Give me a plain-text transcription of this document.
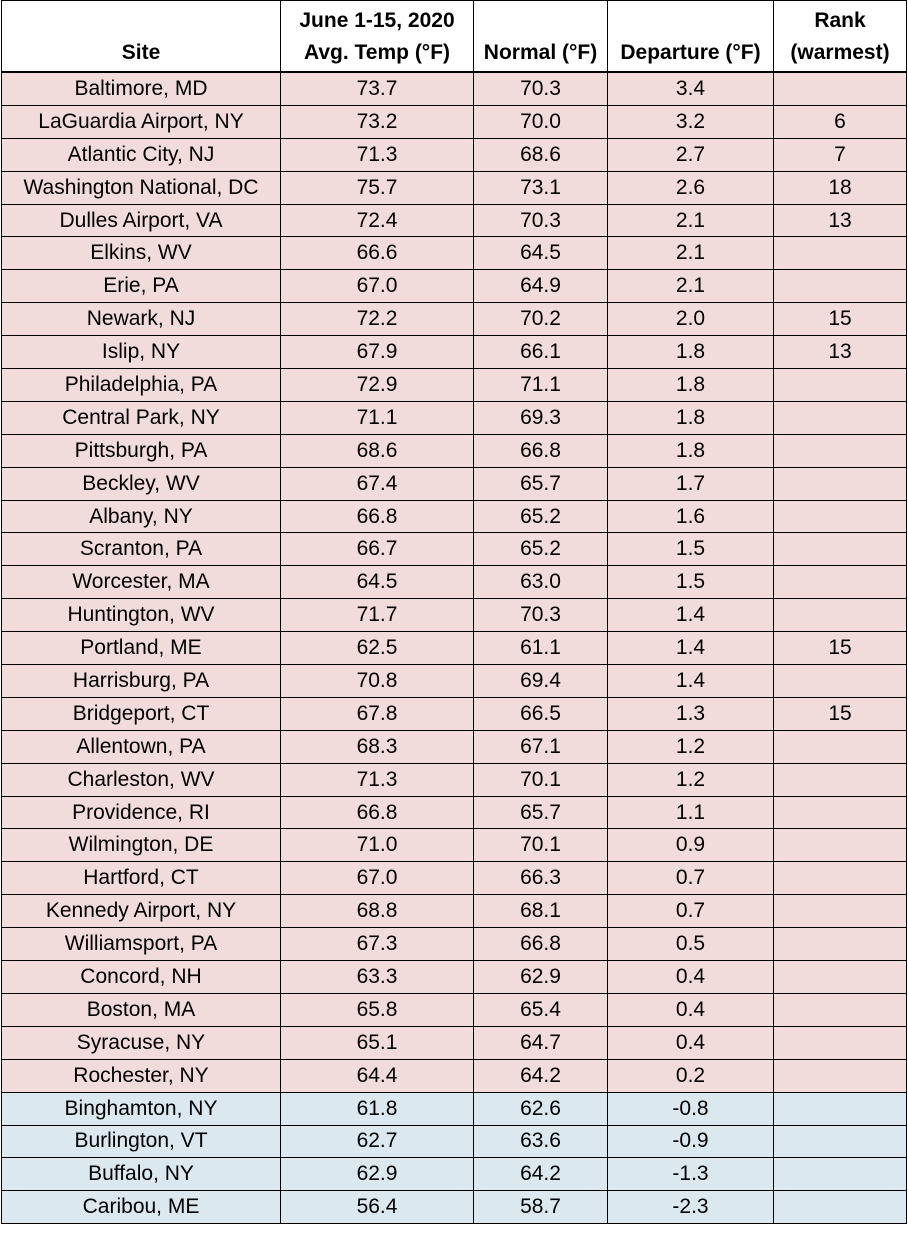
Site	June 1-15, 2020
Avg. Temp (°F)	Normal (°F)	Departure (°F)	Rank
(warmest)
Baltimore, MD	73.7	70.3	3.4	
LaGuardia Airport, NY	73.2	70.0	3.2	6
Atlantic City, NJ	71.3	68.6	2.7	7
Washington National, DC	75.7	73.1	2.6	18
Dulles Airport, VA	72.4	70.3	2.1	13
Elkins, WV	66.6	64.5	2.1	
Erie, PA	67.0	64.9	2.1	
Newark, NJ	72.2	70.2	2.0	15
Islip, NY	67.9	66.1	1.8	13
Philadelphia, PA	72.9	71.1	1.8	
Central Park, NY	71.1	69.3	1.8	
Pittsburgh, PA	68.6	66.8	1.8	
Beckley, WV	67.4	65.7	1.7	
Albany, NY	66.8	65.2	1.6	
Scranton, PA	66.7	65.2	1.5	
Worcester, MA	64.5	63.0	1.5	
Huntington, WV	71.7	70.3	1.4	
Portland, ME	62.5	61.1	1.4	15
Harrisburg, PA	70.8	69.4	1.4	
Bridgeport, CT	67.8	66.5	1.3	15
Allentown, PA	68.3	67.1	1.2	
Charleston, WV	71.3	70.1	1.2	
Providence, RI	66.8	65.7	1.1	
Wilmington, DE	71.0	70.1	0.9	
Hartford, CT	67.0	66.3	0.7	
Kennedy Airport, NY	68.8	68.1	0.7	
Williamsport, PA	67.3	66.8	0.5	
Concord, NH	63.3	62.9	0.4	
Boston, MA	65.8	65.4	0.4	
Syracuse, NY	65.1	64.7	0.4	
Rochester, NY	64.4	64.2	0.2	
Binghamton, NY	61.8	62.6	-0.8	
Burlington, VT	62.7	63.6	-0.9	
Buffalo, NY	62.9	64.2	-1.3	
Caribou, ME	56.4	58.7	-2.3	
